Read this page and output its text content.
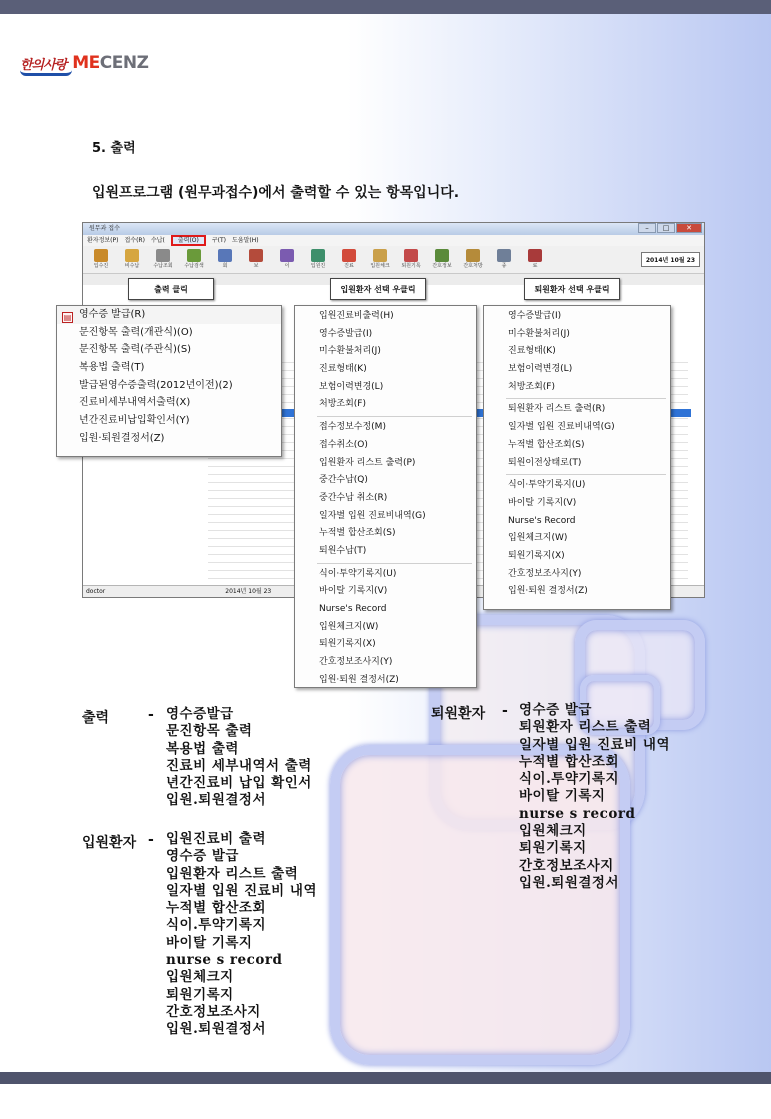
한의사랑 MECENZ
5. 출력
입원프로그램 (원무과접수)에서 출력할 수 있는 항목입니다.
원무과 접수	–	□	✕
환자정보(P) 접수(R) 수납(	출력(O)	구(T) 도움말(H)
입수진	비수납	수납조회 수납검색	회	보	이	입원진	진료	입원체크 퇴원기록 간호정보 간호처방	종	료
2014년 10월 23
doctor	2014년 10월 23
출력 클릭	입원환자 선택 우클릭	퇴원환자 선택 우클릭
▤ 영수증 발급(R)
문진항목 출력(개관식)(O)
문진항목 출력(주관식)(S)
복용법 출력(T)
발급된영수증출력(2012년이전)(2)
진료비세부내역서출력(X)
년간진료비납입확인서(Y)
입원·퇴원결정서(Z)
입원진료비출력(H)
영수증발급(I)
미수환불처리(J)
진료형태(K)
보험이력변경(L)
처방조회(F)
접수정보수정(M)
접수취소(O)
입원환자 리스트 출력(P)
중간수납(Q)
중간수납 취소(R)
일자별 입원 진료비내역(G)
누적별 합산조회(S)
퇴원수납(T)
식이·투약기록지(U)
바이탈 기록지(V)
Nurse's Record
입원체크지(W)
퇴원기록지(X)
간호정보조사지(Y)
입원·퇴원 결정서(Z)
영수증발급(I)
미수환불처리(J)
진료형태(K)
보험이력변경(L)
처방조회(F)
퇴원환자 리스트 출력(R)
일자별 입원 진료비내역(G)
누적별 합산조회(S)
퇴원이전상태로(T)
식이·투약기록지(U)
바이탈 기록지(V)
Nurse's Record
입원체크지(W)
퇴원기록지(X)
간호정보조사지(Y)
입원·퇴원 결정서(Z)
출력	- 영수증발급
문진항목 출력
복용법 출력
진료비 세부내역서 출력
년간진료비 납입 확인서
입원.퇴원결정서
입원환자 - 입원진료비 출력
영수증 발급
입원환자 리스트 출력
일자별 입원 진료비 내역
누적별 합산조회
식이.투약기록지
바이탈 기록지
nurse s record
입원체크지
퇴원기록지
간호정보조사지
입원.퇴원결정서
퇴원환자 - 영수증 발급
퇴원환자 리스트 출력
일자별 입원 진료비 내역
누적별 합산조회
식이.투약기록지
바이탈 기록지
nurse s record
입원체크지
퇴원기록지
간호정보조사지
입원.퇴원결정서
